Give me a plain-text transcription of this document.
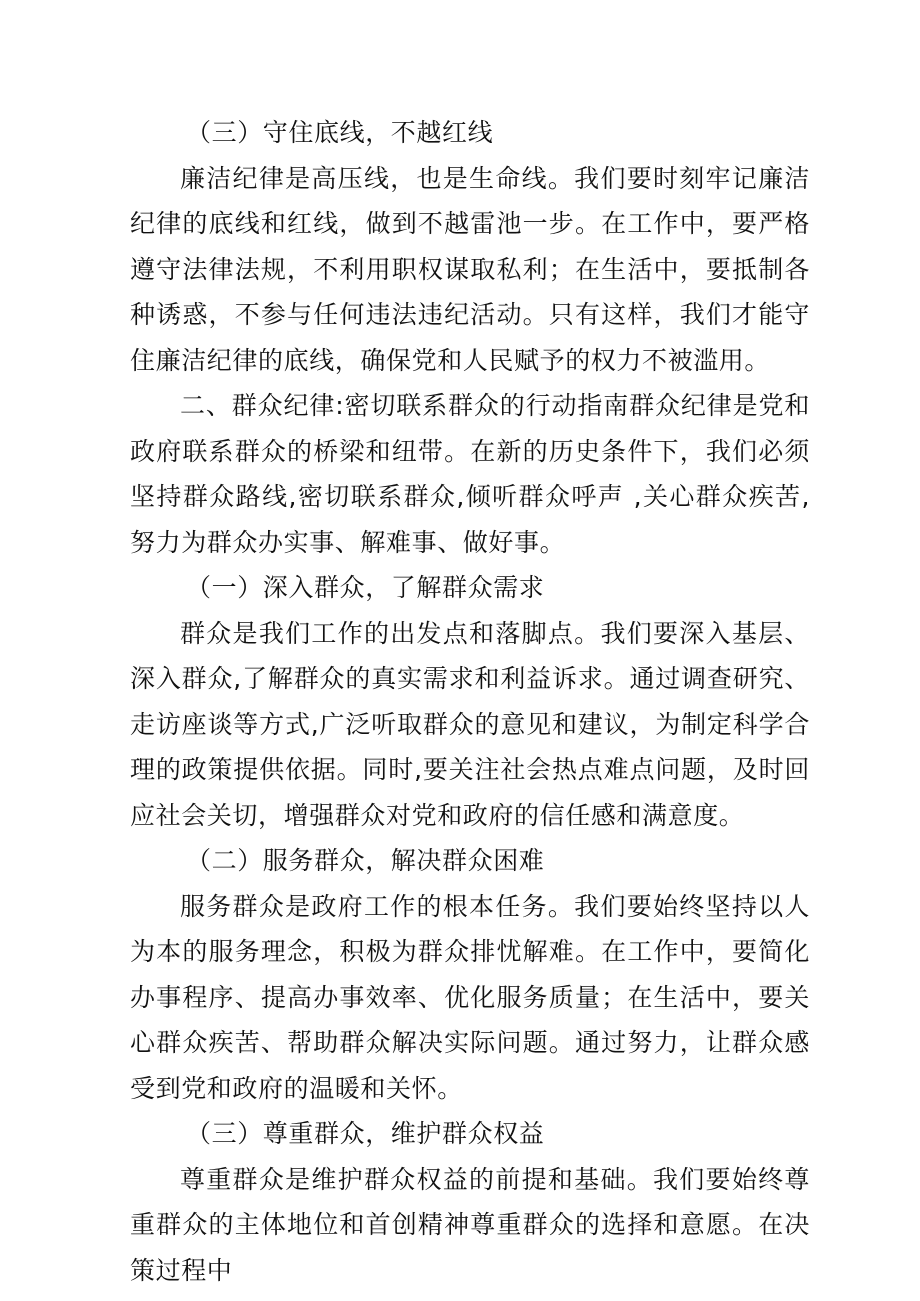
（三）守住底线，不越红线

廉洁纪律是高压线，也是生命线。我们要时刻牢记廉洁纪律的底线和红线，做到不越雷池一步。在工作中，要严格遵守法律法规，不利用职权谋取私利；在生活中，要抵制各种诱惑，不参与任何违法违纪活动。只有这样，我们才能守住廉洁纪律的底线，确保党和人民赋予的权力不被滥用。

二、群众纪律:密切联系群众的行动指南群众纪律是党和政府联系群众的桥梁和纽带。在新的历史条件下，我们必须坚持群众路线,密切联系群众,倾听群众呼声 ,关心群众疾苦,努力为群众办实事、解难事、做好事。

（一）深入群众，了解群众需求

群众是我们工作的出发点和落脚点。我们要深入基层、深入群众,了解群众的真实需求和利益诉求。通过调查研究、走访座谈等方式,广泛听取群众的意见和建议，为制定科学合理的政策提供依据。同时,要关注社会热点难点问题，及时回应社会关切，增强群众对党和政府的信任感和满意度。

（二）服务群众，解决群众困难

服务群众是政府工作的根本任务。我们要始终坚持以人为本的服务理念，积极为群众排忧解难。在工作中，要简化办事程序、提高办事效率、优化服务质量；在生活中，要关心群众疾苦、帮助群众解决实际问题。通过努力，让群众感受到党和政府的温暖和关怀。

（三）尊重群众，维护群众权益

尊重群众是维护群众权益的前提和基础。我们要始终尊重群众的主体地位和首创精神尊重群众的选择和意愿。在决策过程中
